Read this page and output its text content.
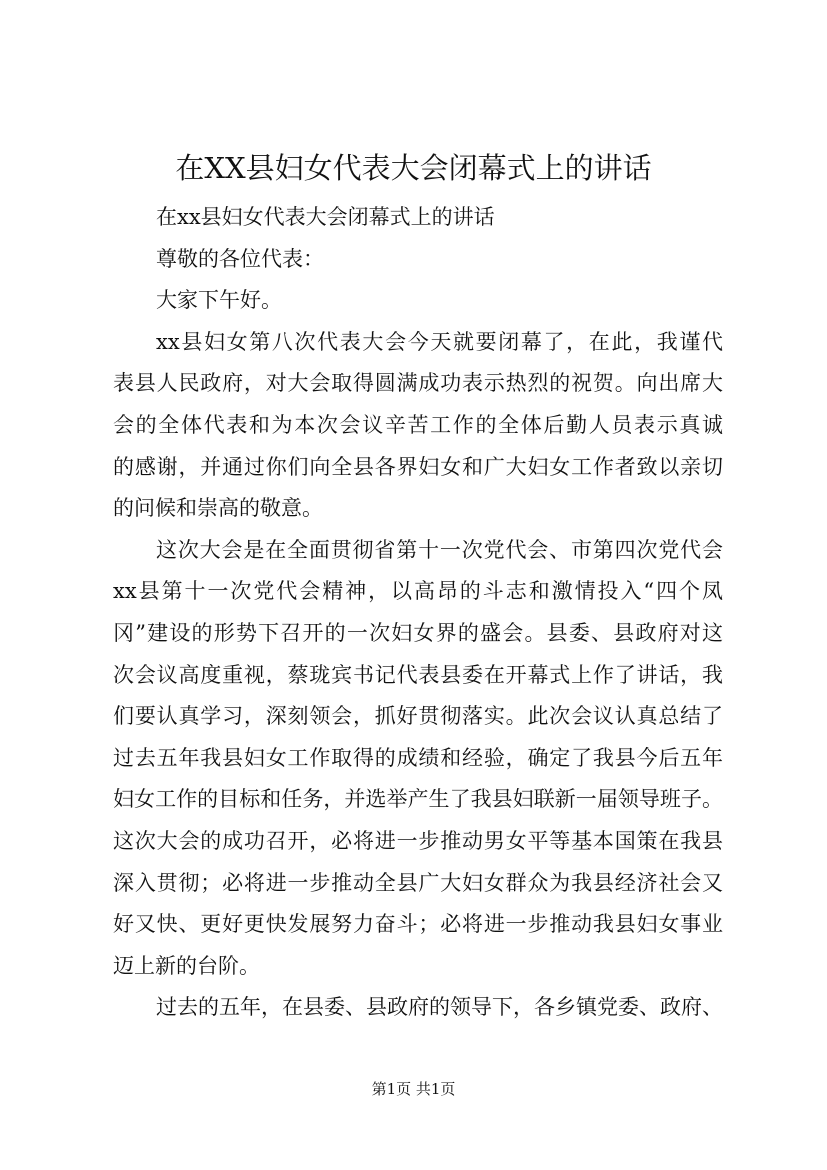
在XX县妇女代表大会闭幕式上的讲话
在xx县妇女代表大会闭幕式上的讲话
尊敬的各位代表：
大家下午好。
xx县妇女第八次代表大会今天就要闭幕了，在此，我谨代
表县人民政府，对大会取得圆满成功表示热烈的祝贺。向出席大
会的全体代表和为本次会议辛苦工作的全体后勤人员表示真诚
的感谢，并通过你们向全县各界妇女和广大妇女工作者致以亲切
的问候和崇高的敬意。
这次大会是在全面贯彻省第十一次党代会、市第四次党代会
xx县第十一次党代会精神，以高昂的斗志和激情投入“四个凤
冈”建设的形势下召开的一次妇女界的盛会。县委、县政府对这
次会议高度重视，蔡珑宾书记代表县委在开幕式上作了讲话，我
们要认真学习，深刻领会，抓好贯彻落实。此次会议认真总结了
过去五年我县妇女工作取得的成绩和经验，确定了我县今后五年
妇女工作的目标和任务，并选举产生了我县妇联新一届领导班子。
这次大会的成功召开，必将进一步推动男女平等基本国策在我县
深入贯彻；必将进一步推动全县广大妇女群众为我县经济社会又
好又快、更好更快发展努力奋斗；必将进一步推动我县妇女事业
迈上新的台阶。
过去的五年，在县委、县政府的领导下，各乡镇党委、政府、
第1页 共1页
